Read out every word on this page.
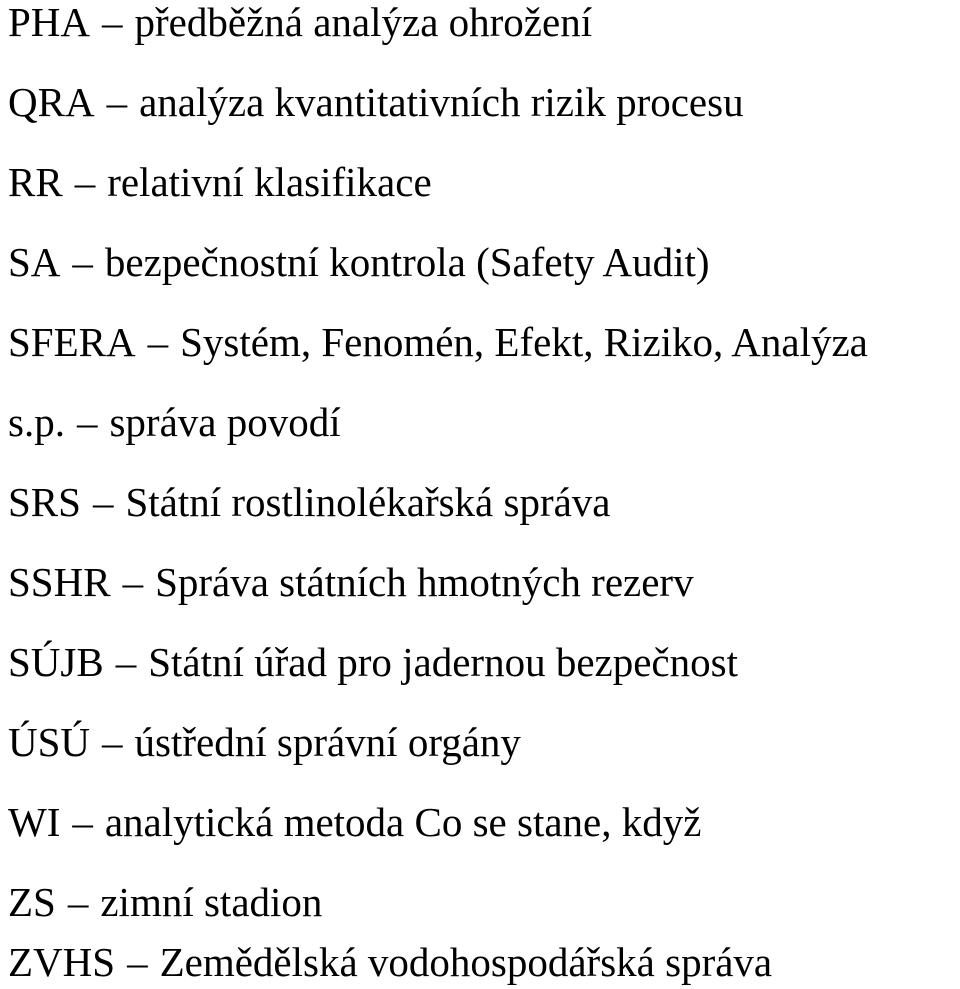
PHA – předběžná analýza ohrožení
QRA – analýza kvantitativních rizik procesu
RR – relativní klasifikace
SA – bezpečnostní kontrola (Safety Audit)
SFERA – Systém, Fenomén, Efekt, Riziko, Analýza
s.p. – správa povodí
SRS – Státní rostlinolékařská správa
SSHR – Správa státních hmotných rezerv
SÚJB – Státní úřad pro jadernou bezpečnost
ÚSÚ – ústřední správní orgány
WI – analytická metoda Co se stane, když
ZS – zimní stadion
ZVHS – Zemědělská vodohospodářská správa
